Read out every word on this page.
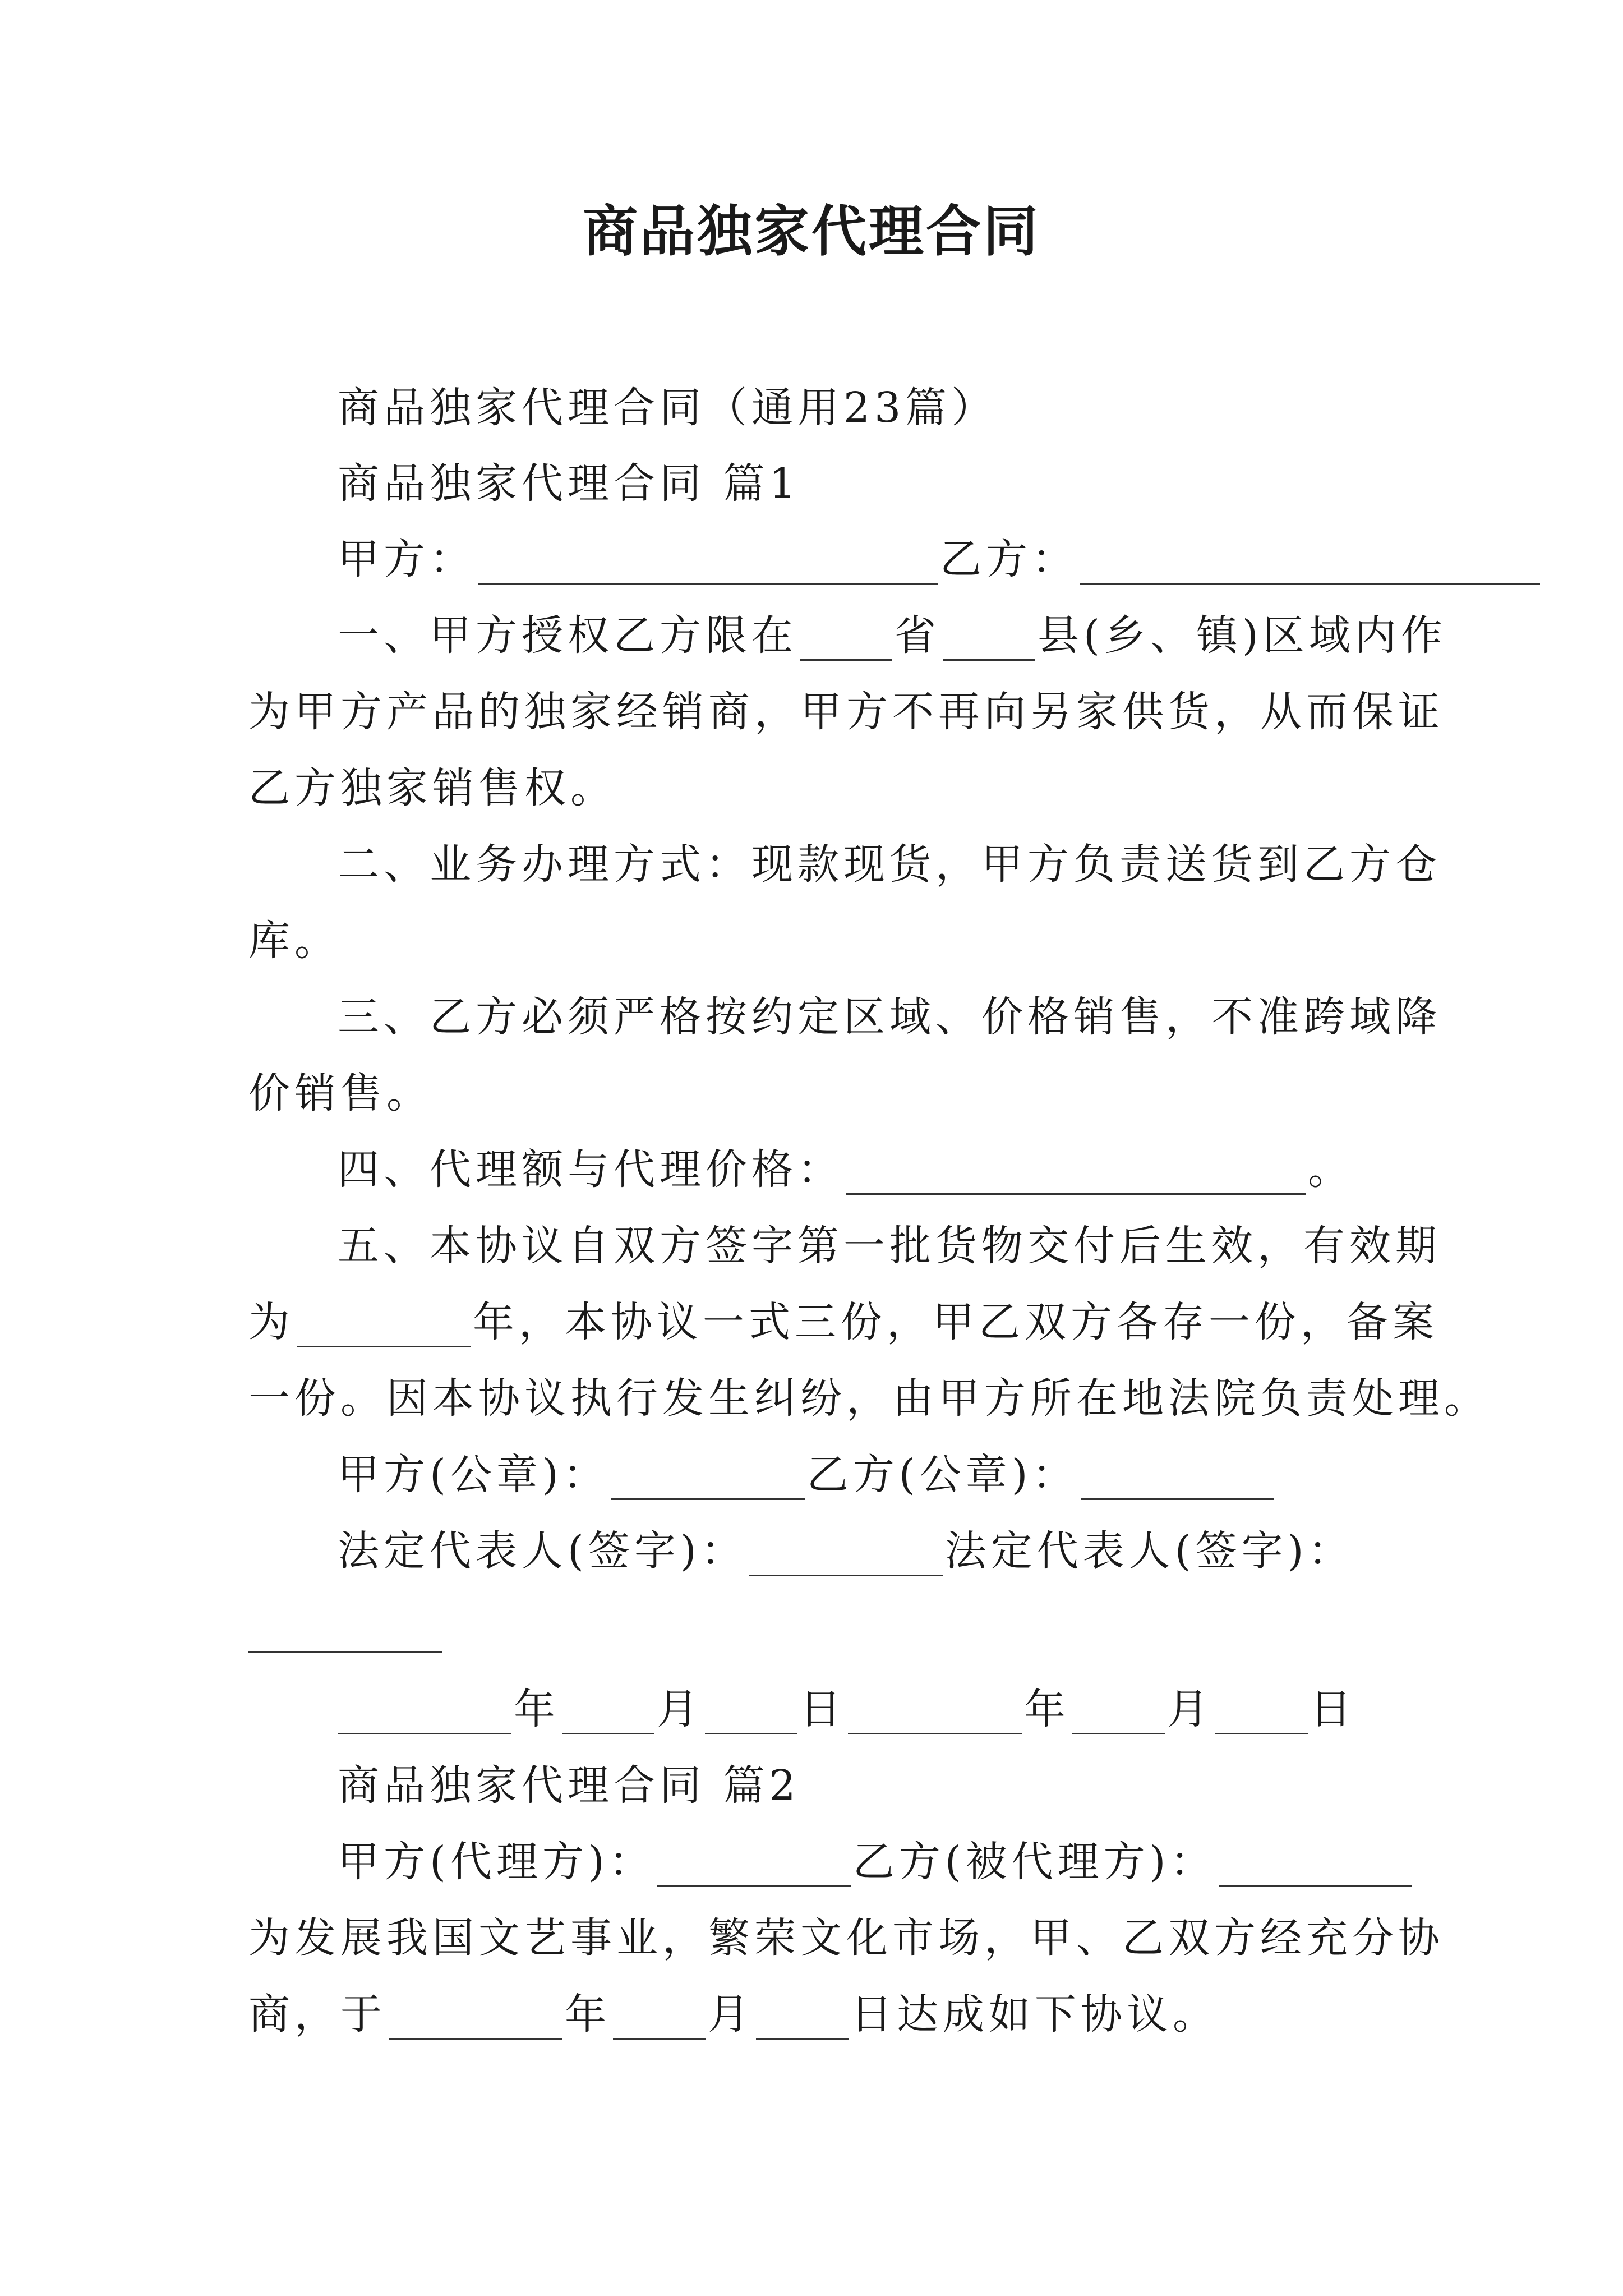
商品独家代理合同
商品独家代理合同（通用23篇）
商品独家代理合同 篇1
甲方：	乙方：
一、甲方授权乙方限在 省 县(乡、镇)区域内作
为甲方产品的独家经销商，甲方不再向另家供货，从而保证
乙方独家销售权。
二、业务办理方式：现款现货，甲方负责送货到乙方仓
库。
三、乙方必须严格按约定区域、价格销售，不准跨域降
价销售。
四、代理额与代理价格：	。
五、本协议自双方签字第一批货物交付后生效，有效期
为	年，本协议一式三份，甲乙双方各存一份，备案
一份。因本协议执行发生纠纷，由甲方所在地法院负责处理。
甲方(公章)：	乙方(公章)：
法定代表人(签字)：	法定代表人(签字)：
年 月 日	年 月 日
商品独家代理合同 篇2
甲方(代理方)：	乙方(被代理方)：
为发展我国文艺事业，繁荣文化市场，甲、乙双方经充分协
商，于	年 月 日达成如下协议。
